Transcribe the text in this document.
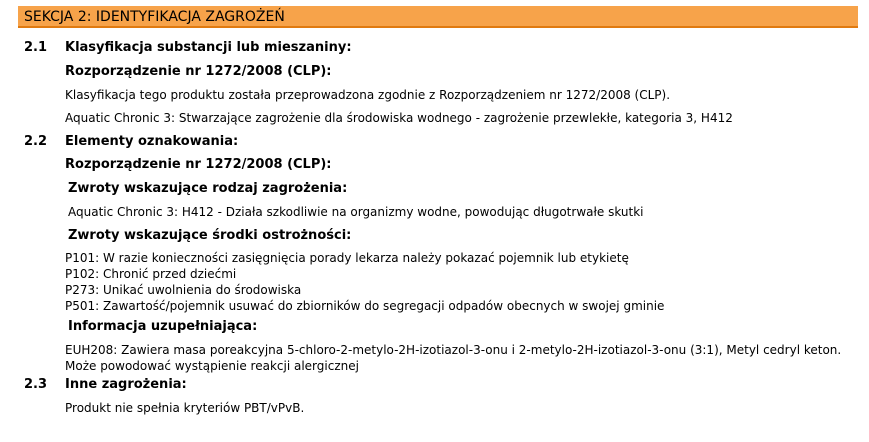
SEKCJA 2: IDENTYFIKACJA ZAGROŻEŃ
2.1 Klasyfikacja substancji lub mieszaniny:
Rozporządzenie nr 1272/2008 (CLP):
Klasyfikacja tego produktu została przeprowadzona zgodnie z Rozporządzeniem nr 1272/2008 (CLP).
Aquatic Chronic 3: Stwarzające zagrożenie dla środowiska wodnego - zagrożenie przewlekłe, kategoria 3, H412
2.2 Elementy oznakowania:
Rozporządzenie nr 1272/2008 (CLP):
Zwroty wskazujące rodzaj zagrożenia:
Aquatic Chronic 3: H412 - Działa szkodliwie na organizmy wodne, powodując długotrwałe skutki
Zwroty wskazujące środki ostrożności:
P101: W razie konieczności zasięgnięcia porady lekarza należy pokazać pojemnik lub etykietę
P102: Chronić przed dziećmi
P273: Unikać uwolnienia do środowiska
P501: Zawartość/pojemnik usuwać do zbiorników do segregacji odpadów obecnych w swojej gminie
Informacja uzupełniająca:
EUH208: Zawiera masa poreakcyjna 5-chloro-2-metylo-2H-izotiazol-3-onu i 2-metylo-2H-izotiazol-3-onu (3:1), Metyl cedryl keton.
Może powodować wystąpienie reakcji alergicznej
2.3 Inne zagrożenia:
Produkt nie spełnia kryteriów PBT/vPvB.
